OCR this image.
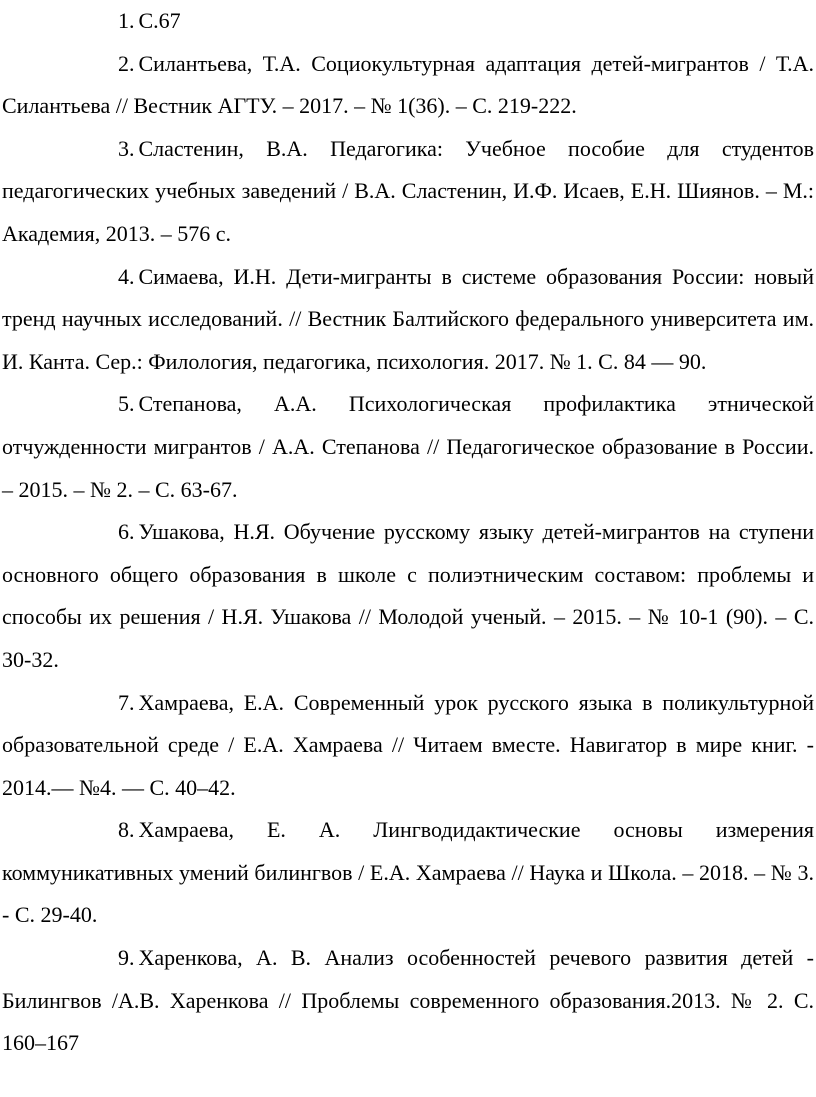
1. С.67

2. Силантьева, Т.А. Социокультурная адаптация детей-мигрантов / Т.А. Силантьева // Вестник АГТУ. – 2017. – № 1(36). – С. 219-222.

3. Сластенин, В.А. Педагогика: Учебное пособие для студентов педагогических учебных заведений / В.А. Сластенин, И.Ф. Исаев, Е.Н. Шиянов. – М.: Академия, 2013. – 576 с.

4. Симаева, И.Н. Дети-мигранты в системе образования России: новый тренд научных исследований. // Вестник Балтийского федерального университета им. И. Канта. Сер.: Филология, педагогика, психология. 2017. № 1. С. 84 — 90.

5. Степанова, А.А. Психологическая профилактика этнической отчужденности мигрантов / А.А. Степанова // Педагогическое образование в России. – 2015. – № 2. – С. 63-67.

6. Ушакова, Н.Я. Обучение русскому языку детей-мигрантов на ступени основного общего образования в школе с полиэтническим составом: проблемы и способы их решения / Н.Я. Ушакова // Молодой ученый. – 2015. – № 10-1 (90). – С. 30-32.

7. Хамраева, Е.А. Современный урок русского языка в поликультурной образовательной среде / Е.А. Хамраева // Читаем вместе. Навигатор в мире книг. - 2014.— №4. — С. 40–42.

8. Хамраева, Е. А. Лингводидактические основы измерения коммуникативных умений билингвов / Е.А. Хамраева // Наука и Школа. – 2018. – № 3. - С. 29-40.

9. Харенкова, А. В. Анализ особенностей речевого развития детей - Билингвов /А.В. Харенкова // Проблемы современного образования.2013. № 2. С. 160–167
